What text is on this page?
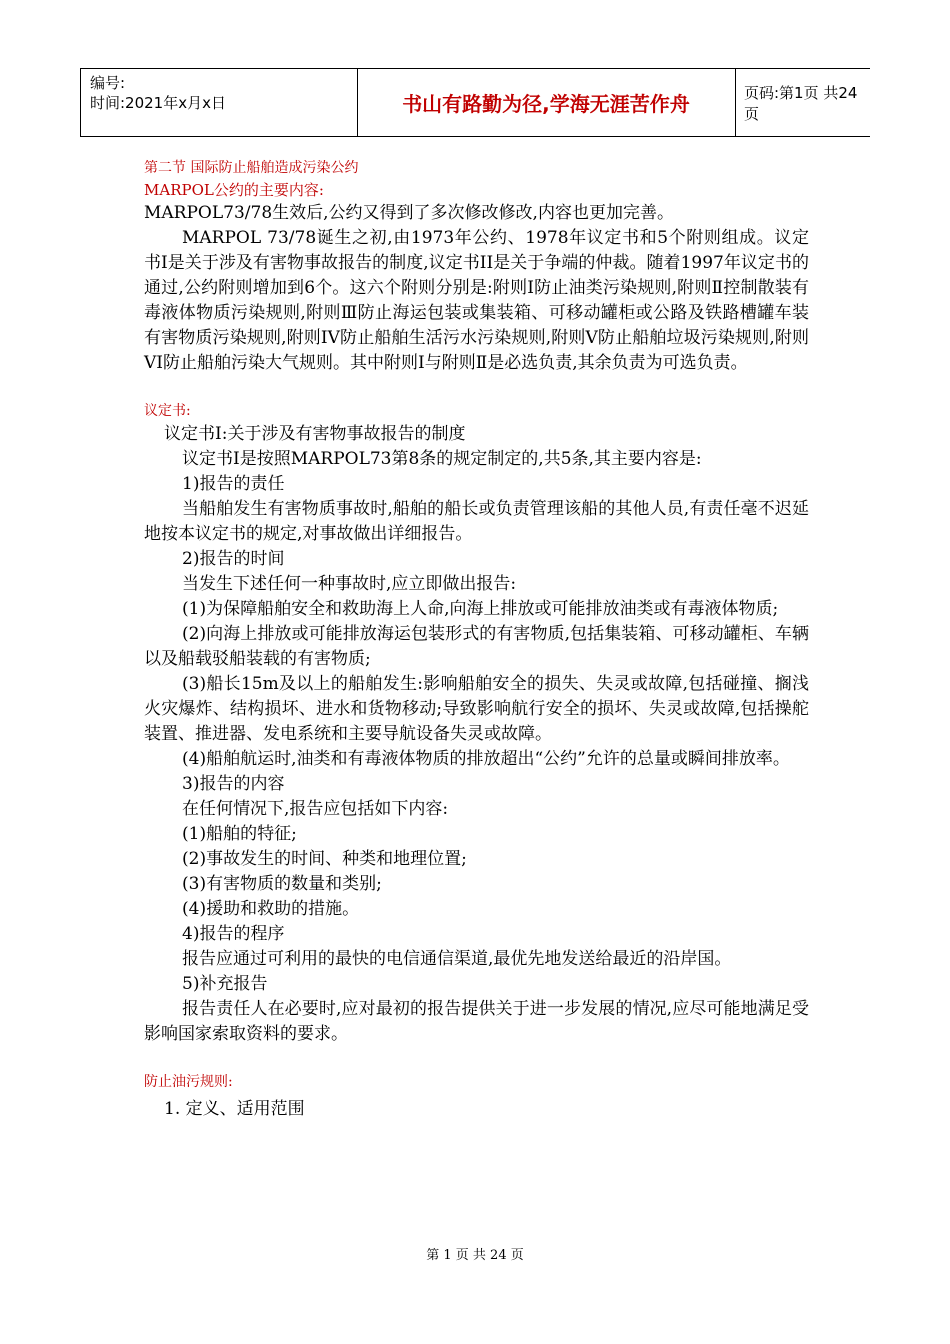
编号:
时间:2021年x月x日	书山有路勤为径,学海无涯苦作舟	页码:第1页 共24页
第二节 国际防止船舶造成污染公约
MARPOL公约的主要内容:

MARPOL73/78生效后,公约又得到了多次修改修改,内容也更加完善。

MARPOL 73/78诞生之初,由1973年公约、1978年议定书和5个附则组成。议定书Ⅰ是关于涉及有害物事故报告的制度,议定书II是关于争端的仲裁。随着1997年议定书的通过,公约附则增加到6个。这六个附则分别是:附则Ⅰ防止油类污染规则,附则Ⅱ控制散装有毒液体物质污染规则,附则Ⅲ防止海运包装或集装箱、可移动罐柜或公路及铁路槽罐车装有害物质污染规则,附则IV防止船舶生活污水污染规则,附则Ⅴ防止船舶垃圾污染规则,附则VI防止船舶污染大气规则。其中附则Ⅰ与附则Ⅱ是必选负责,其余负责为可选负责。

议定书:

议定书Ⅰ:关于涉及有害物事故报告的制度

议定书Ⅰ是按照MARPOL73第8条的规定制定的,共5条,其主要内容是:

1)报告的责任

当船舶发生有害物质事故时,船舶的船长或负责管理该船的其他人员,有责任毫不迟延地按本议定书的规定,对事故做出详细报告。

2)报告的时间

当发生下述任何一种事故时,应立即做出报告:

(1)为保障船舶安全和救助海上人命,向海上排放或可能排放油类或有毒液体物质;

(2)向海上排放或可能排放海运包装形式的有害物质,包括集装箱、可移动罐柜、车辆以及船载驳船装载的有害物质;

(3)船长15m及以上的船舶发生:影响船舶安全的损失、失灵或故障,包括碰撞、搁浅火灾爆炸、结构损坏、进水和货物移动;导致影响航行安全的损坏、失灵或故障,包括操舵装置、推进器、发电系统和主要导航设备失灵或故障。

(4)船舶航运时,油类和有毒液体物质的排放超出“公约”允许的总量或瞬间排放率。

3)报告的内容

在任何情况下,报告应包括如下内容:

(1)船舶的特征;

(2)事故发生的时间、种类和地理位置;

(3)有害物质的数量和类别;

(4)援助和救助的措施。

4)报告的程序

报告应通过可利用的最快的电信通信渠道,最优先地发送给最近的沿岸国。

5)补充报告

报告责任人在必要时,应对最初的报告提供关于进一步发展的情况,应尽可能地满足受影响国家索取资料的要求。

防止油污规则:

1. 定义、适用范围

第 1 页 共 24 页
